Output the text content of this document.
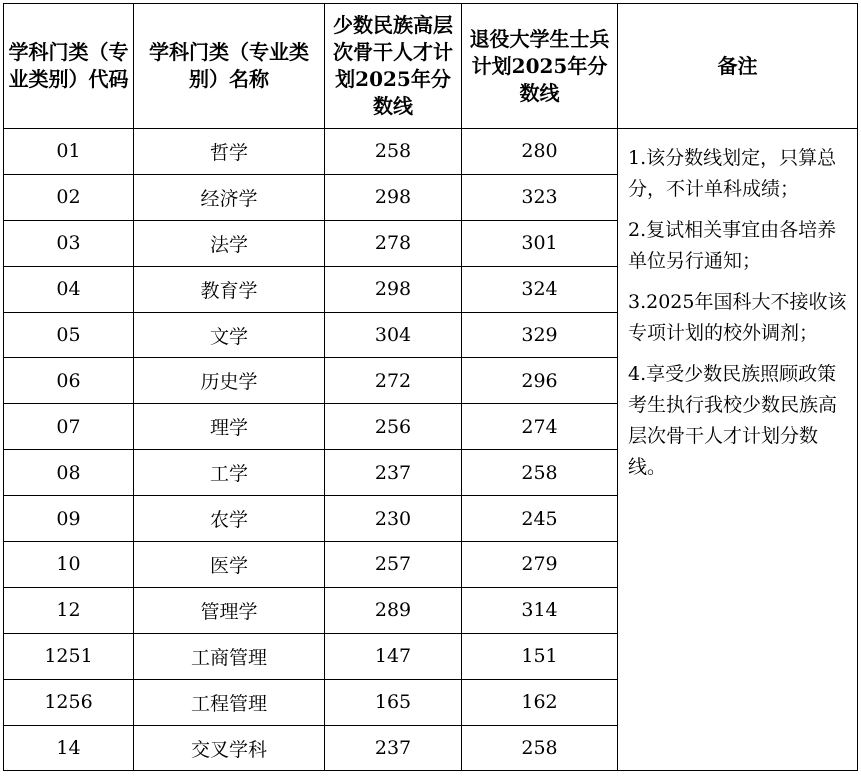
学科门类（专业类别）代码	学科门类（专业类别）名称	少数民族高层次骨干人才计划2025年分数线	退役大学生士兵计划2025年分数线	备注
01	哲学	258	280	1.该分数线划定，只算总分，不计单科成绩；
2.复试相关事宜由各培养单位另行通知；
3.2025年国科大不接收该专项计划的校外调剂；
4.享受少数民族照顾政策考生执行我校少数民族高层次骨干人才计划分数线。

02	经济学	298	323	
03	法学	278	301	
04	教育学	298	324	
05	文学	304	329	
06	历史学	272	296	
07	理学	256	274	
08	工学	237	258	
09	农学	230	245	
10	医学	257	279	
12	管理学	289	314	
1251	工商管理	147	151	
1256	工程管理	165	162	
14	交叉学科	237	258	
